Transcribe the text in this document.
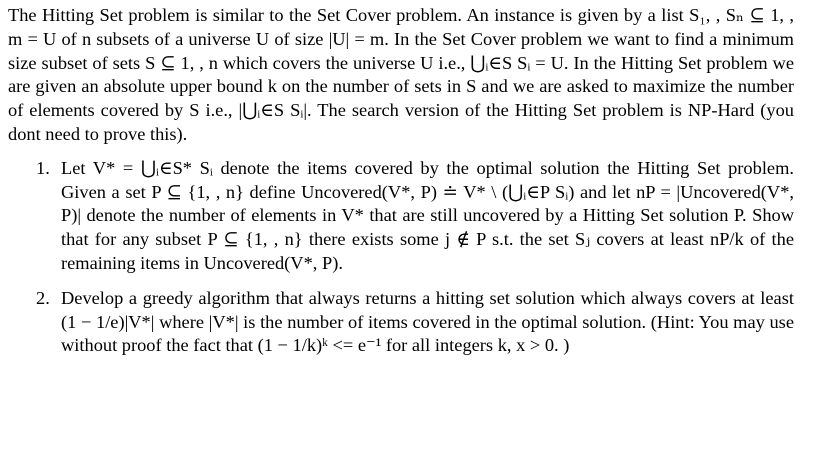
The Hitting Set problem is similar to the Set Cover problem. An instance is given by a list S₁, , Sₙ ⊆ 1, , m = U of n subsets of a universe U of size |U| = m. In the Set Cover problem we want to find a minimum size subset of sets S ⊆ 1, , n which covers the universe U i.e., ⋃ᵢ∈S Sᵢ = U. In the Hitting Set problem we are given an absolute upper bound k on the number of sets in S and we are asked to maximize the number of elements covered by S i.e., |⋃ᵢ∈S Sᵢ|. The search version of the Hitting Set problem is NP-Hard (you dont need to prove this).

1. Let V* = ⋃ᵢ∈S* Sᵢ denote the items covered by the optimal solution the Hitting Set problem. Given a set P ⊆ {1, , n} define Uncovered(V*, P) ≐ V* \ (⋃ᵢ∈P Sᵢ) and let nP = |Uncovered(V*, P)| denote the number of elements in V* that are still uncovered by a Hitting Set solution P. Show that for any subset P ⊆ {1, , n} there exists some j ∉ P s.t. the set Sⱼ covers at least nP/k of the remaining items in Uncovered(V*, P).
2. Develop a greedy algorithm that always returns a hitting set solution which always covers at least (1 − 1/e)|V*| where |V*| is the number of items covered in the optimal solution. (Hint: You may use without proof the fact that (1 − 1/k)ᵏ <= e⁻¹ for all integers k, x > 0. )
